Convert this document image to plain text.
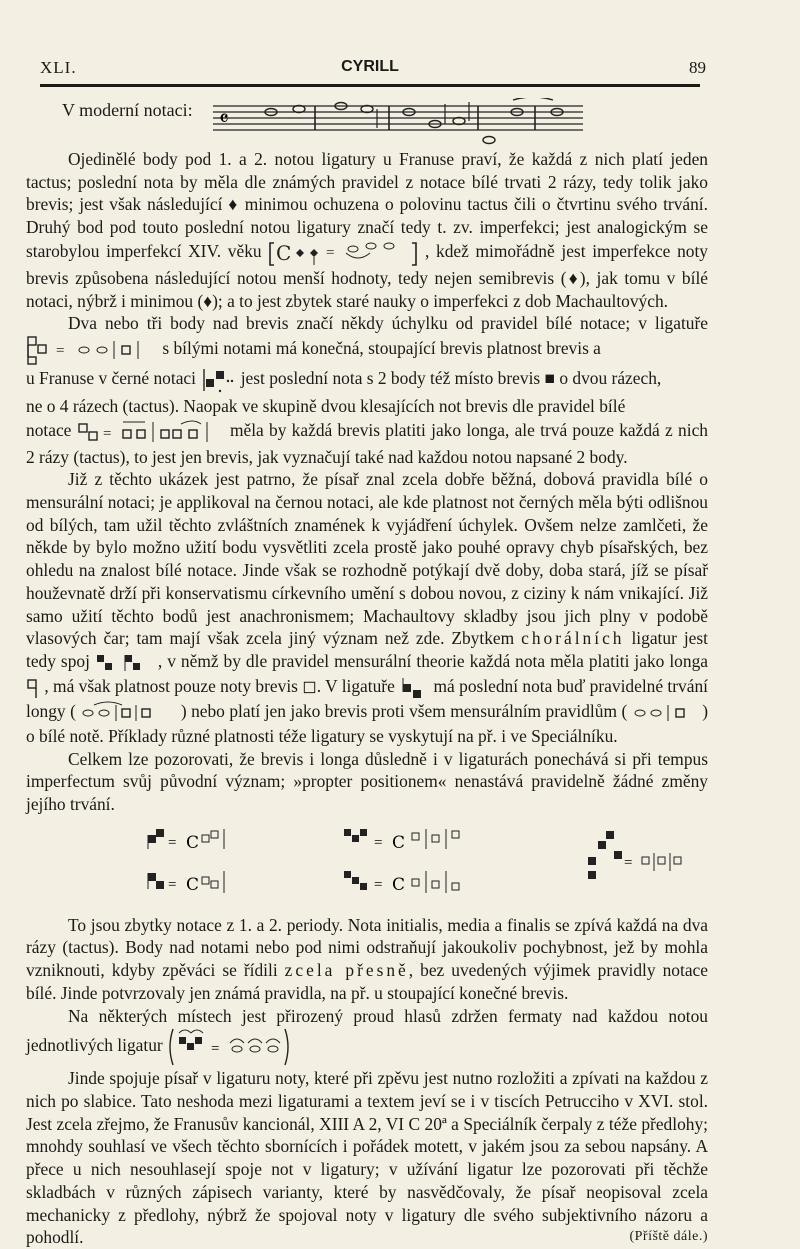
XLI.	CYRILL	89
V moderní notaci: 𝄴

Ojedinělé body pod 1. a 2. notou ligatury u Franuse praví, že každá z nich platí jeden tactus; poslední nota by měla dle známých pravidel z notace bílé trvati 2 rázy, tedy tolik jako brevis; jest však následující ♦ minimou ochuzena o polovinu tactus čili o čtvrtinu svého trvání. Druhý bod pod touto poslední notou ligatury značí tedy t. zv. imperfekci; jest analogickým se starobylou imperfekcí XIV. věku C =	, kdež mimořádně jest imperfekce noty brevis způsobena následující notou menší hodnoty, tedy nejen semibrevis (♦), jak tomu v bílé notaci, nýbrž i minimou (♦); a to jest zbytek staré nauky o imperfekci z dob Machaultových.

Dva nebo tři body nad brevis značí někdy úchylku od pravidel bílé notace; v ligatuře
=	s bílými notami má konečná, stoupající brevis platnost brevis a
u Franuse v černé notaci	jest poslední nota s 2 body též místo brevis ■ o dvou rázech,
ne o 4 rázech (tactus). Naopak ve skupině dvou klesajících not brevis dle pravidel bílé
notace =	měla by každá brevis platiti jako longa, ale trvá pouze každá z nich 2 rázy (tactus), to jest jen brevis, jak vyznačují také nad každou notou napsané 2 body.

Již z těchto ukázek jest patrno, že písař znal zcela dobře běžná, dobová pravidla bílé o mensurální notaci; je applikoval na černou notaci, ale kde platnost not černých měla býti odlišnou od bílých, tam užil těchto zvláštních znamének k vyjádření úchylek. Ovšem nelze zamlčeti, že někde by bylo možno užití bodu vysvětliti zcela prostě jako pouhé opravy chyb písařských, bez ohledu na znalost bílé notace. Jinde však se rozhodně potýkají dvě doby, doba stará, jíž se písař houževnatě drží při konservatismu církevního umění s dobou novou, z ciziny k nám vnikající. Již samo užití těchto bodů jest anachronismem; Machaultovy skladby jsou jich plny v podobě vlasových čar; tam mají však zcela jiný význam než zde. Zbytkem chorálních ligatur jest tedy spoj	, v němž by dle pravidel mensurální theorie každá nota měla platiti jako longa  , má však platnost pouze noty brevis ◻. V ligatuře má poslední nota buď pravidelné trvání longy (	) nebo platí jen jako brevis proti všem mensurálním pravidlům (	) o bílé notě. Příklady různé platnosti téže ligatury se vyskytují na př. i ve Speciálníku.

Celkem lze pozorovati, že brevis i longa důsledně i v ligaturách ponechává si při tempus imperfectum svůj původní význam; »propter positionem« nenastává pravidelně žádné změny jejího trvání.

= C
= C
= C
= C
=

To jsou zbytky notace z 1. a 2. periody. Nota initialis, media a finalis se zpívá každá na dva rázy (tactus). Body nad notami nebo pod nimi odstraňují jakoukoliv pochybnost, jež by mohla vzniknouti, kdyby zpěváci se řídili zcela přesně, bez uvedených výjimek pravidly notace bílé. Jinde potvrzovaly jen známá pravidla, na př. u stoupající konečné brevis.

Na některých místech jest přirozený proud hlasů zdržen fermaty nad každou notou jednotlivých ligatur	=

Jinde spojuje písař v ligaturu noty, které při zpěvu jest nutno rozložiti a zpívati na každou z nich po slabice. Tato neshoda mezi ligaturami a textem jeví se i v tiscích Petrucciho v XVI. stol. Jest zcela zřejmo, že Franusův kancionál, XIII A 2, VI C 20ª a Speciálník čerpaly z téže předlohy; mnohdy souhlasí ve všech těchto sbornících i pořádek motett, v jakém jsou za sebou napsány. A přece u nich nesouhlasejí spoje not v ligatury; v užívání ligatur lze pozorovati při těchže skladbách v různých zápisech varianty, které by nasvědčovaly, že písař neopisoval zcela mechanicky z předlohy, nýbrž že spojoval noty v ligatury dle svého subjektivního názoru a pohodlí.	(Příště dále.)
